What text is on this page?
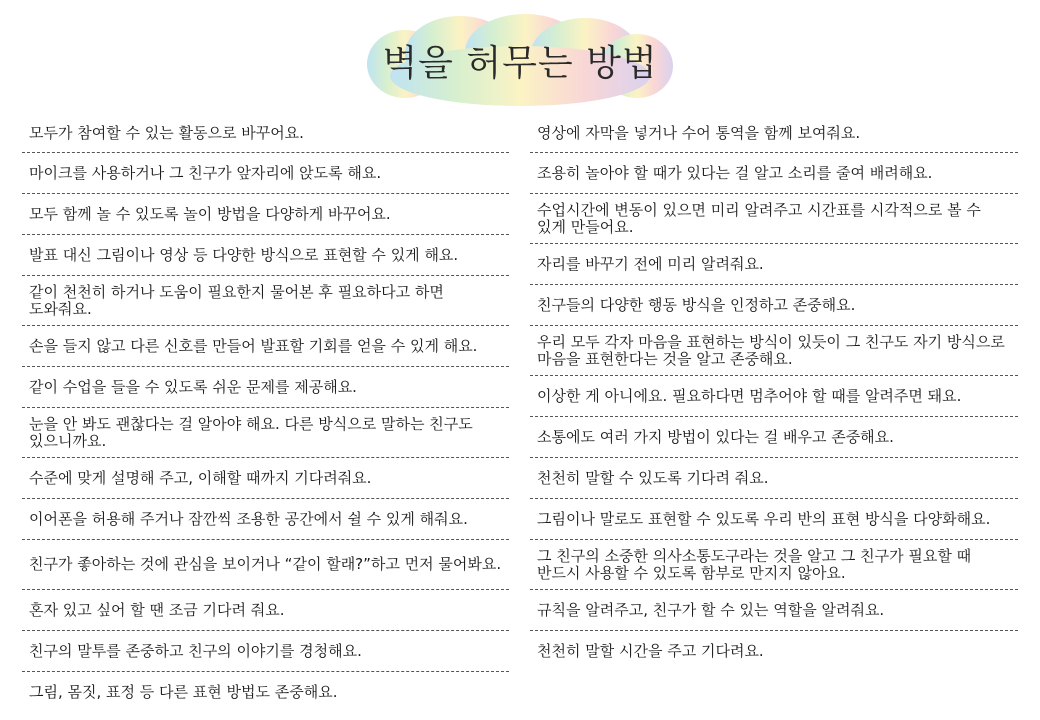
벽을 허무는 방법
모두가 참여할 수 있는 활동으로 바꾸어요.
마이크를 사용하거나 그 친구가 앞자리에 앉도록 해요.
모두 함께 놀 수 있도록 놀이 방법을 다양하게 바꾸어요.
발표 대신 그림이나 영상 등 다양한 방식으로 표현할 수 있게 해요.
같이 천천히 하거나 도움이 필요한지 물어본 후 필요하다고 하면 도와줘요.
손을 들지 않고 다른 신호를 만들어 발표할 기회를 얻을 수 있게 해요.
같이 수업을 들을 수 있도록 쉬운 문제를 제공해요.
눈을 안 봐도 괜찮다는 걸 알아야 해요. 다른 방식으로 말하는 친구도 있으니까요.
수준에 맞게 설명해 주고, 이해할 때까지 기다려줘요.
이어폰을 허용해 주거나 잠깐씩 조용한 공간에서 쉴 수 있게 해줘요.
친구가 좋아하는 것에 관심을 보이거나 “같이 할래?”하고 먼저 물어봐요.
혼자 있고 싶어 할 땐 조금 기다려 줘요.
친구의 말투를 존중하고 친구의 이야기를 경청해요.
그림, 몸짓, 표정 등 다른 표현 방법도 존중해요.
영상에 자막을 넣거나 수어 통역을 함께 보여줘요.
조용히 놀아야 할 때가 있다는 걸 알고 소리를 줄여 배려해요.
수업시간에 변동이 있으면 미리 알려주고 시간표를 시각적으로 볼 수 있게 만들어요.
자리를 바꾸기 전에 미리 알려줘요.
친구들의 다양한 행동 방식을 인정하고 존중해요.
우리 모두 각자 마음을 표현하는 방식이 있듯이 그 친구도 자기 방식으로 마음을 표현한다는 것을 알고 존중해요.
이상한 게 아니에요. 필요하다면 멈추어야 할 때를 알려주면 돼요.
소통에도 여러 가지 방법이 있다는 걸 배우고 존중해요.
천천히 말할 수 있도록 기다려 줘요.
그림이나 말로도 표현할 수 있도록 우리 반의 표현 방식을 다양화해요.
그 친구의 소중한 의사소통도구라는 것을 알고 그 친구가 필요할 때 반드시 사용할 수 있도록 함부로 만지지 않아요.
규칙을 알려주고, 친구가 할 수 있는 역할을 알려줘요.
천천히 말할 시간을 주고 기다려요.
